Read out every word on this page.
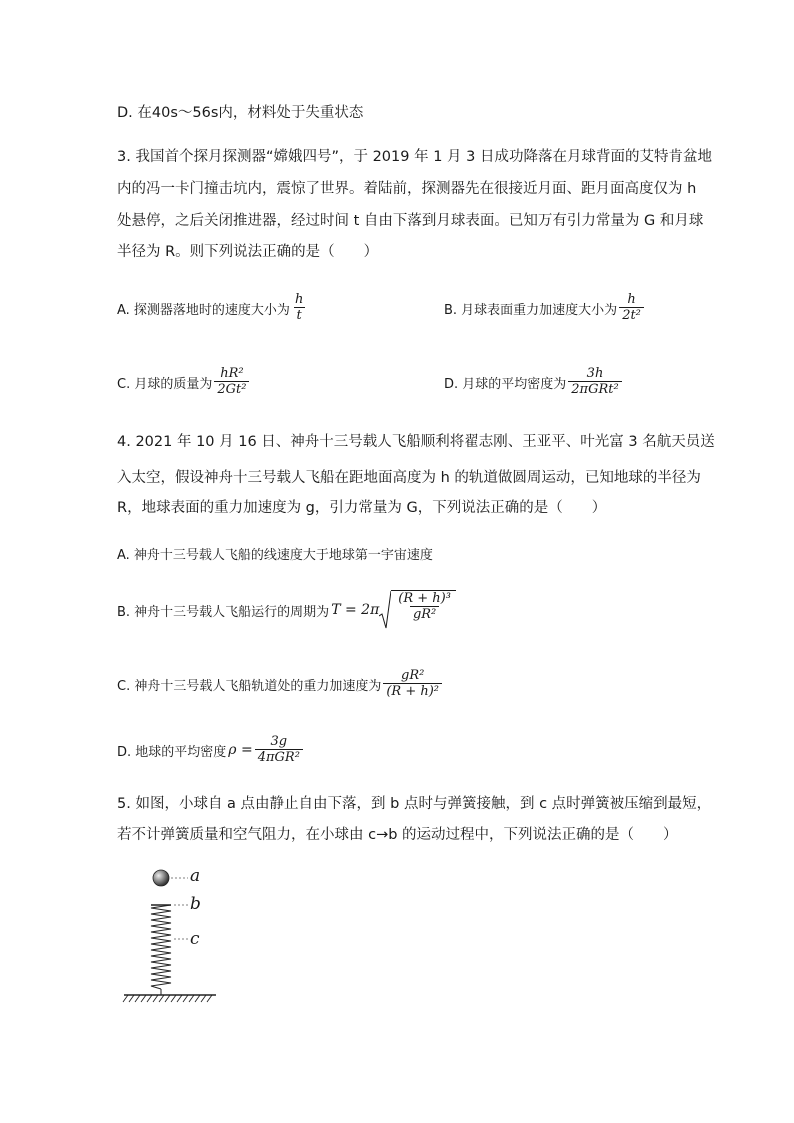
D. 在40s～56s内，材料处于失重状态
3. 我国首个探月探测器“嫦娥四号”，于 2019 年 1 月 3 日成功降落在月球背面的艾特肯盆地
内的冯一卡门撞击坑内，震惊了世界。着陆前，探测器先在很接近月面、距月面高度仅为 h
处悬停，之后关闭推进器，经过时间 t 自由下落到月球表面。已知万有引力常量为 G 和月球
半径为 R。则下列说法正确的是（　　）
A. 探测器落地时的速度大小为 $\frac{h}{t}$	B. 月球表面重力加速度大小为 $\frac{h}{\text{2t²}}$
C. 月球的质量为 $\frac{\text{hR²}}{\text{2Gt²}}$	D. 月球的平均密度为 $\frac{3h}{\text{2πGRt²}}$
4. 2021 年 10 月 16 日、神舟十三号载人飞船顺利将翟志刚、王亚平、叶光富 3 名航天员送
入太空，假设神舟十三号载人飞船在距地面高度为 h 的轨道做圆周运动，已知地球的半径为
R，地球表面的重力加速度为 g，引力常量为 G，下列说法正确的是（　　）
A. 神舟十三号载人飞船的线速度大于地球第一宇宙速度
B. 神舟十三号载人飞船运行的周期为 $T = 2\pi \frac{\text{(R + h)³}}{\text{gR²}}$
C. 神舟十三号载人飞船轨道处的重力加速度为 $\frac{\text{gR²}}{\text{(R + h)²}}$
D. 地球的平均密度 $\rho = \frac{3g}{\text{4πGR²}}$
5. 如图，小球自 a 点由静止自由下落，到 b 点时与弹簧接触，到 c 点时弹簧被压缩到最短，
若不计弹簧质量和空气阻力，在小球由 c→b 的运动过程中，下列说法正确的是（　　）
a
b
c
